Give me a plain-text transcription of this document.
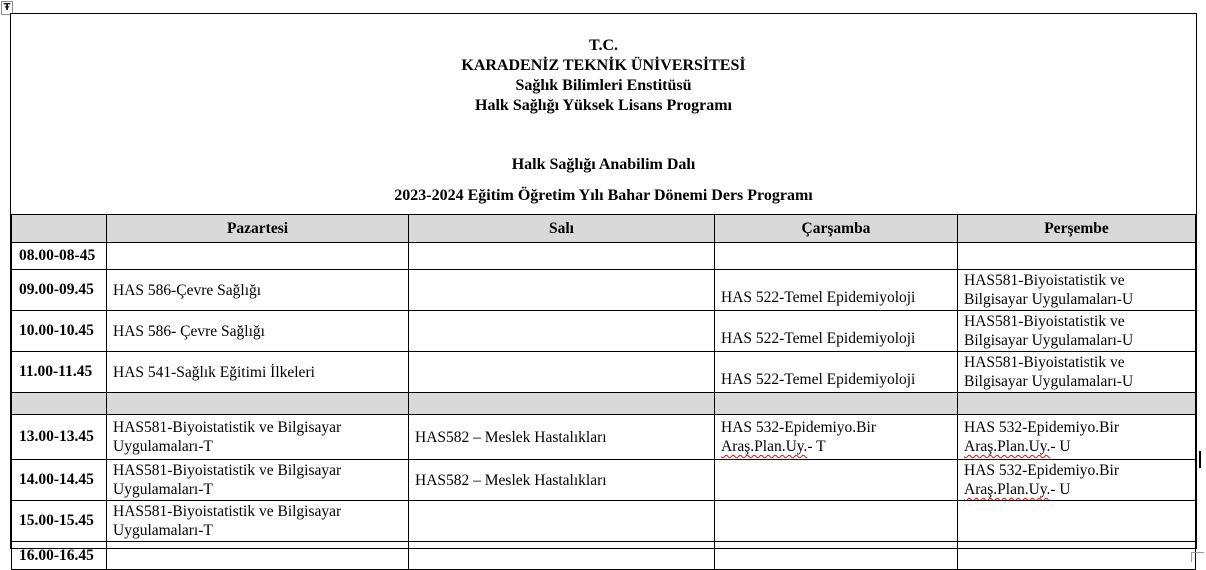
Ŧ
T.C.
KARADENİZ TEKNİK ÜNİVERSİTESİ
Sağlık Bilimleri Enstitüsü
Halk Sağlığı Yüksek Lisans Programı
Halk Sağlığı Anabilim Dalı
2023-2024 Eğitim Öğretim Yılı Bahar Dönemi Ders Programı
	Pazartesi	Salı	Çarşamba	Perşembe
08.00-08-45				
09.00-09.45	HAS 586-Çevre Sağlığı		HAS 522-Temel Epidemiyoloji	HAS581-Biyoistatistik ve Bilgisayar Uygulamaları-U
10.00-10.45	HAS 586- Çevre Sağlığı		HAS 522-Temel Epidemiyoloji	HAS581-Biyoistatistik ve Bilgisayar Uygulamaları-U
11.00-11.45	HAS 541-Sağlık Eğitimi İlkeleri		HAS 522-Temel Epidemiyoloji	HAS581-Biyoistatistik ve Bilgisayar Uygulamaları-U

13.00-13.45	HAS581-Biyoistatistik ve Bilgisayar Uygulamaları-T	HAS582 – Meslek Hastalıkları	HAS 532-Epidemiyo.Bir Araş.Plan.Uy.- T	HAS 532-Epidemiyo.Bir Araş.Plan.Uy.- U
14.00-14.45	HAS581-Biyoistatistik ve Bilgisayar Uygulamaları-T	HAS582 – Meslek Hastalıkları		HAS 532-Epidemiyo.Bir Araş.Plan.Uy.- U
15.00-15.45	HAS581-Biyoistatistik ve Bilgisayar Uygulamaları-T			
16.00-16.45				
